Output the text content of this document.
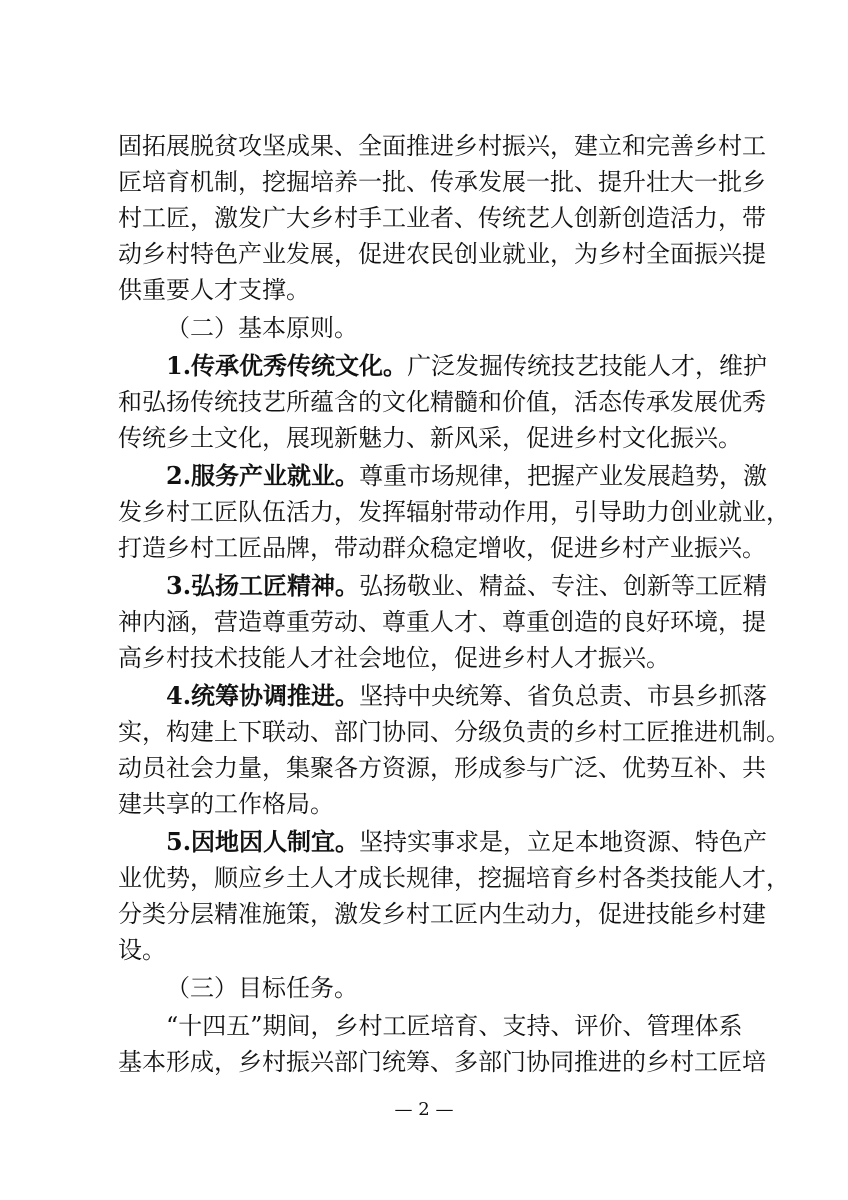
固拓展脱贫攻坚成果、全面推进乡村振兴，建立和完善乡村工
匠培育机制，挖掘培养一批、传承发展一批、提升壮大一批乡
村工匠，激发广大乡村手工业者、传统艺人创新创造活力，带
动乡村特色产业发展，促进农民创业就业，为乡村全面振兴提
供重要人才支撑。
（二）基本原则。
1.传承优秀传统文化。广泛发掘传统技艺技能人才，维护
和弘扬传统技艺所蕴含的文化精髓和价值，活态传承发展优秀
传统乡土文化，展现新魅力、新风采，促进乡村文化振兴。
2.服务产业就业。尊重市场规律，把握产业发展趋势，激
发乡村工匠队伍活力，发挥辐射带动作用，引导助力创业就业，
打造乡村工匠品牌，带动群众稳定增收，促进乡村产业振兴。
3.弘扬工匠精神。弘扬敬业、精益、专注、创新等工匠精
神内涵，营造尊重劳动、尊重人才、尊重创造的良好环境，提
高乡村技术技能人才社会地位，促进乡村人才振兴。
4.统筹协调推进。坚持中央统筹、省负总责、市县乡抓落
实，构建上下联动、部门协同、分级负责的乡村工匠推进机制。
动员社会力量，集聚各方资源，形成参与广泛、优势互补、共
建共享的工作格局。
5.因地因人制宜。坚持实事求是，立足本地资源、特色产
业优势，顺应乡土人才成长规律，挖掘培育乡村各类技能人才，
分类分层精准施策，激发乡村工匠内生动力，促进技能乡村建
设。
（三）目标任务。
“十四五”期间，乡村工匠培育、支持、评价、管理体系
基本形成，乡村振兴部门统筹、多部门协同推进的乡村工匠培
— 2 —
